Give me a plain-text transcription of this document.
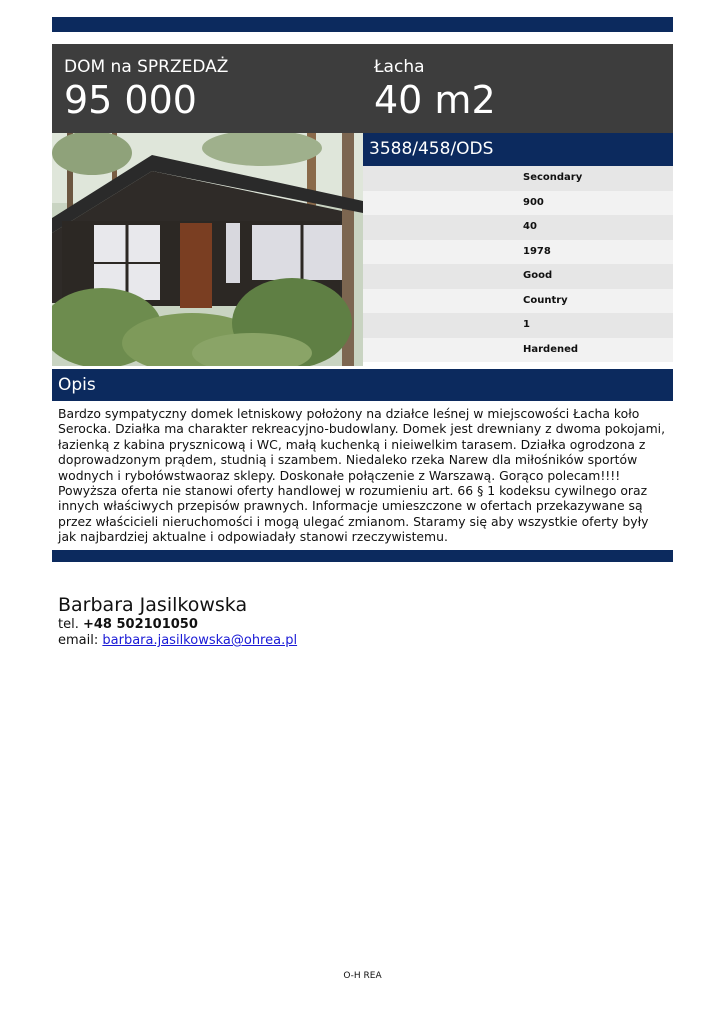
DOM na SPRZEDAŻ
95 000
Łacha
40 m2
3588/458/ODS
Secondary
900
40
1978
Good
Country
1
Hardened
Opis
Bardzo sympatyczny domek letniskowy położony na działce leśnej w miejscowości Łacha koło Serocka. Działka ma charakter rekreacyjno-budowlany. Domek jest drewniany z dwoma pokojami, łazienką z kabina prysznicową i WC, małą kuchenką i nieiwelkim tarasem. Działka ogrodzona z doprowadzonym prądem, studnią i szambem. Niedaleko rzeka Narew dla miłośników sportów wodnych i rybołówstwaoraz sklepy. Doskonałe połączenie z Warszawą. Gorąco polecam!!!! Powyższa oferta nie stanowi oferty handlowej w rozumieniu art. 66 § 1 kodeksu cywilnego oraz innych właściwych przepisów prawnych. Informacje umieszczone w ofertach przekazywane są przez właścicieli nieruchomości i mogą ulegać zmianom. Staramy się aby wszystkie oferty były jak najbardziej aktualne i odpowiadały stanowi rzeczywistemu.
Barbara Jasilkowska
tel. +48 502101050
email: barbara.jasilkowska@ohrea.pl
O-H REA
